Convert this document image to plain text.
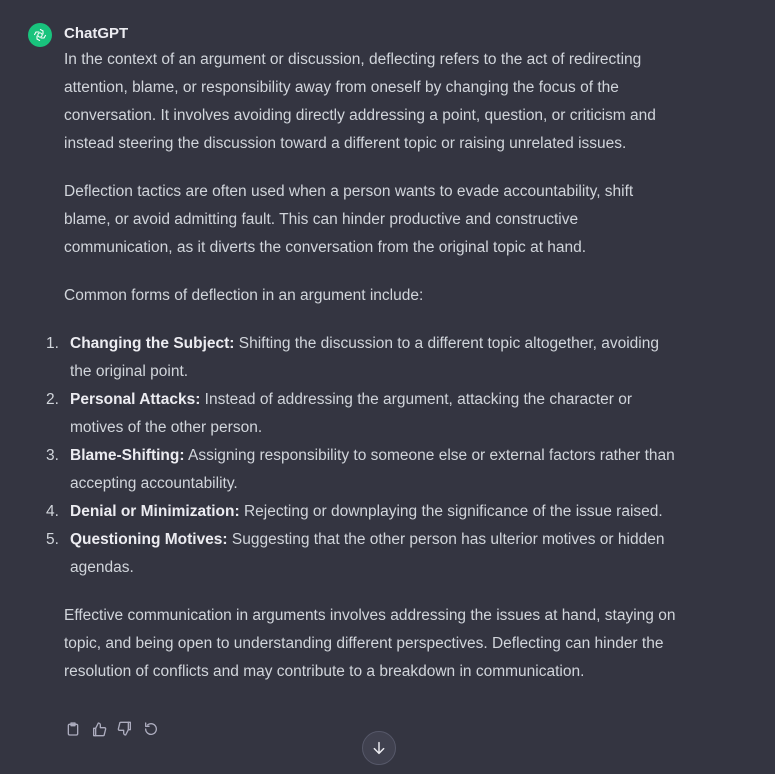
ChatGPT

In the context of an argument or discussion, deflecting refers to the act of redirecting attention, blame, or responsibility away from oneself by changing the focus of the conversation. It involves avoiding directly addressing a point, question, or criticism and instead steering the discussion toward a different topic or raising unrelated issues.

Deflection tactics are often used when a person wants to evade accountability, shift blame, or avoid admitting fault. This can hinder productive and constructive communication, as it diverts the conversation from the original topic at hand.

Common forms of deflection in an argument include:

1. Changing the Subject: Shifting the discussion to a different topic altogether, avoiding the original point.
2. Personal Attacks: Instead of addressing the argument, attacking the character or motives of the other person.
3. Blame-Shifting: Assigning responsibility to someone else or external factors rather than accepting accountability.
4. Denial or Minimization: Rejecting or downplaying the significance of the issue raised.
5. Questioning Motives: Suggesting that the other person has ulterior motives or hidden agendas.

Effective communication in arguments involves addressing the issues at hand, staying on topic, and being open to understanding different perspectives. Deflecting can hinder the resolution of conflicts and may contribute to a breakdown in communication.
